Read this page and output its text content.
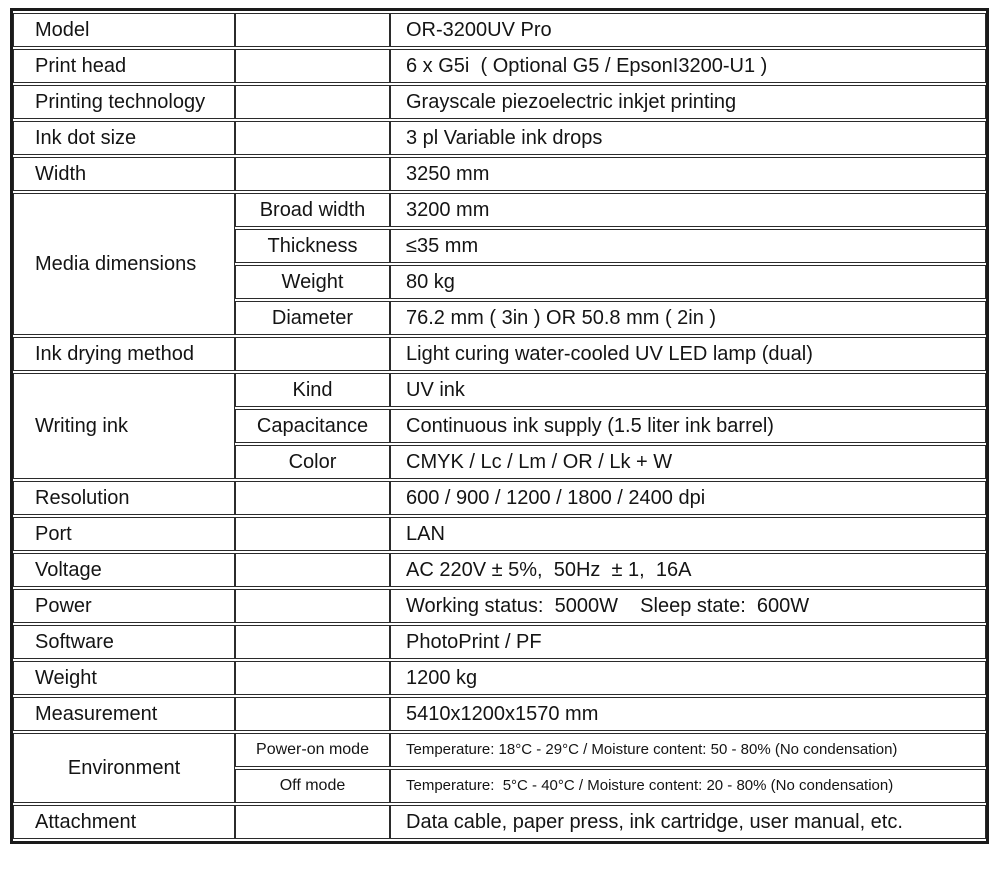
Model		OR-3200UV Pro
Print head		6 x G5i  ( Optional G5 / EpsonI3200-U1 )
Printing technology		Grayscale piezoelectric inkjet printing
Ink dot size		3 pl Variable ink drops
Width		3250 mm
Media dimensions	Broad width	3200 mm
	Thickness	≤35 mm
	Weight	80 kg
	Diameter	76.2 mm ( 3in ) OR 50.8 mm ( 2in )
Ink drying method		Light curing water-cooled UV LED lamp (dual)
Writing ink	Kind	UV ink
	Capacitance	Continuous ink supply (1.5 liter ink barrel)
	Color	CMYK / Lc / Lm / OR / Lk + W
Resolution		600 / 900 / 1200 / 1800 / 2400 dpi
Port		LAN
Voltage		AC 220V ± 5%,  50Hz  ± 1,  16A
Power		Working status:  5000W    Sleep state:  600W
Software		PhotoPrint / PF
Weight		1200 kg
Measurement		5410x1200x1570 mm
Environment	Power-on mode	Temperature: 18°C - 29°C / Moisture content: 50 - 80% (No condensation)
	Off mode	Temperature:  5°C - 40°C / Moisture content: 20 - 80% (No condensation)
Attachment		Data cable, paper press, ink cartridge, user manual, etc.
